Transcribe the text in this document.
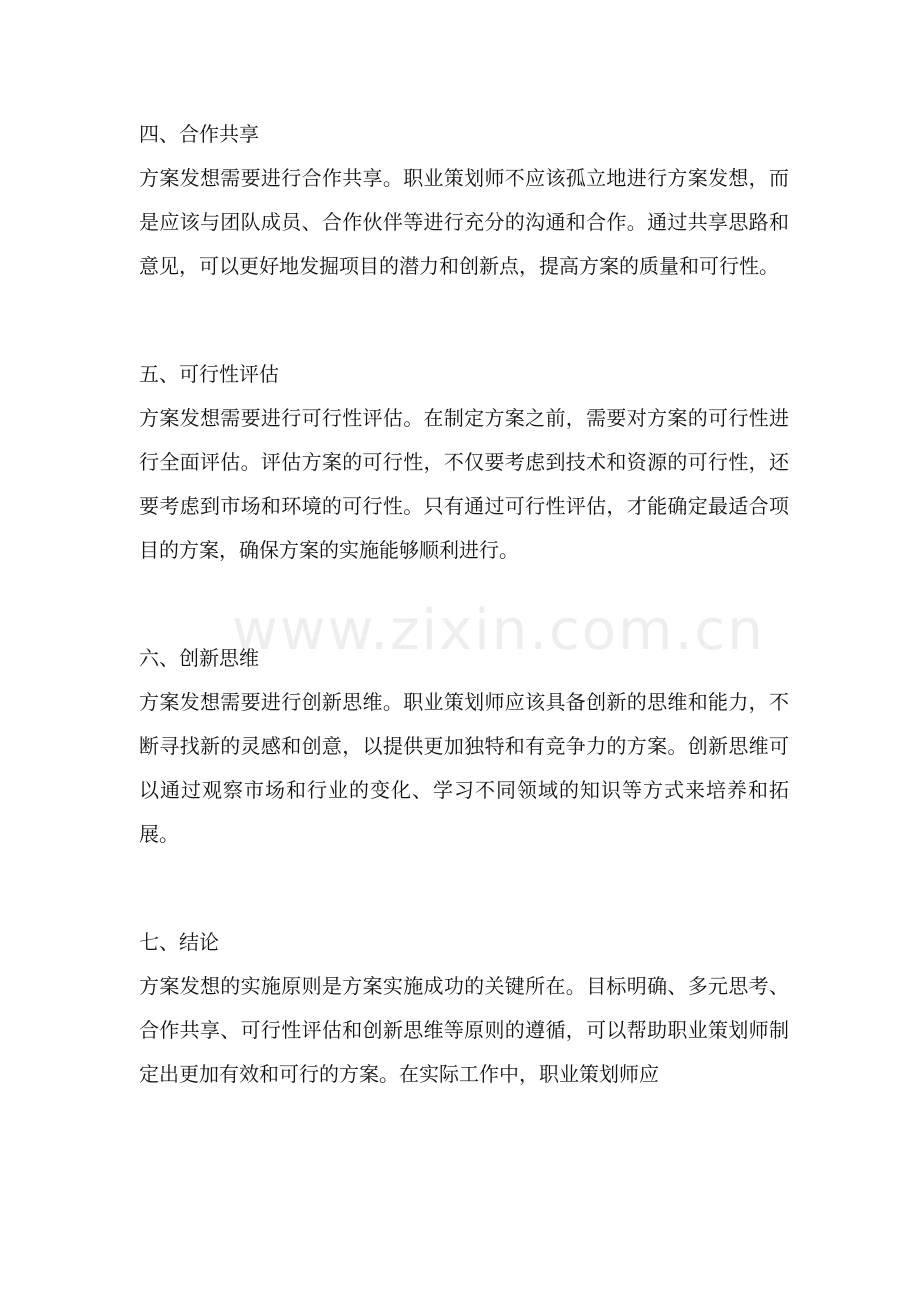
四、合作共享

方案发想需要进行合作共享。职业策划师不应该孤立地进行方案发想，而是应该与团队成员、合作伙伴等进行充分的沟通和合作。通过共享思路和意见，可以更好地发掘项目的潜力和创新点，提高方案的质量和可行性。

五、可行性评估

方案发想需要进行可行性评估。在制定方案之前，需要对方案的可行性进行全面评估。评估方案的可行性，不仅要考虑到技术和资源的可行性，还要考虑到市场和环境的可行性。只有通过可行性评估，才能确定最适合项目的方案，确保方案的实施能够顺利进行。

六、创新思维

方案发想需要进行创新思维。职业策划师应该具备创新的思维和能力，不断寻找新的灵感和创意，以提供更加独特和有竞争力的方案。创新思维可以通过观察市场和行业的变化、学习不同领域的知识等方式来培养和拓展。

七、结论

方案发想的实施原则是方案实施成功的关键所在。目标明确、多元思考、合作共享、可行性评估和创新思维等原则的遵循，可以帮助职业策划师制定出更加有效和可行的方案。在实际工作中，职业策划师应

www.zixin.com.cn
